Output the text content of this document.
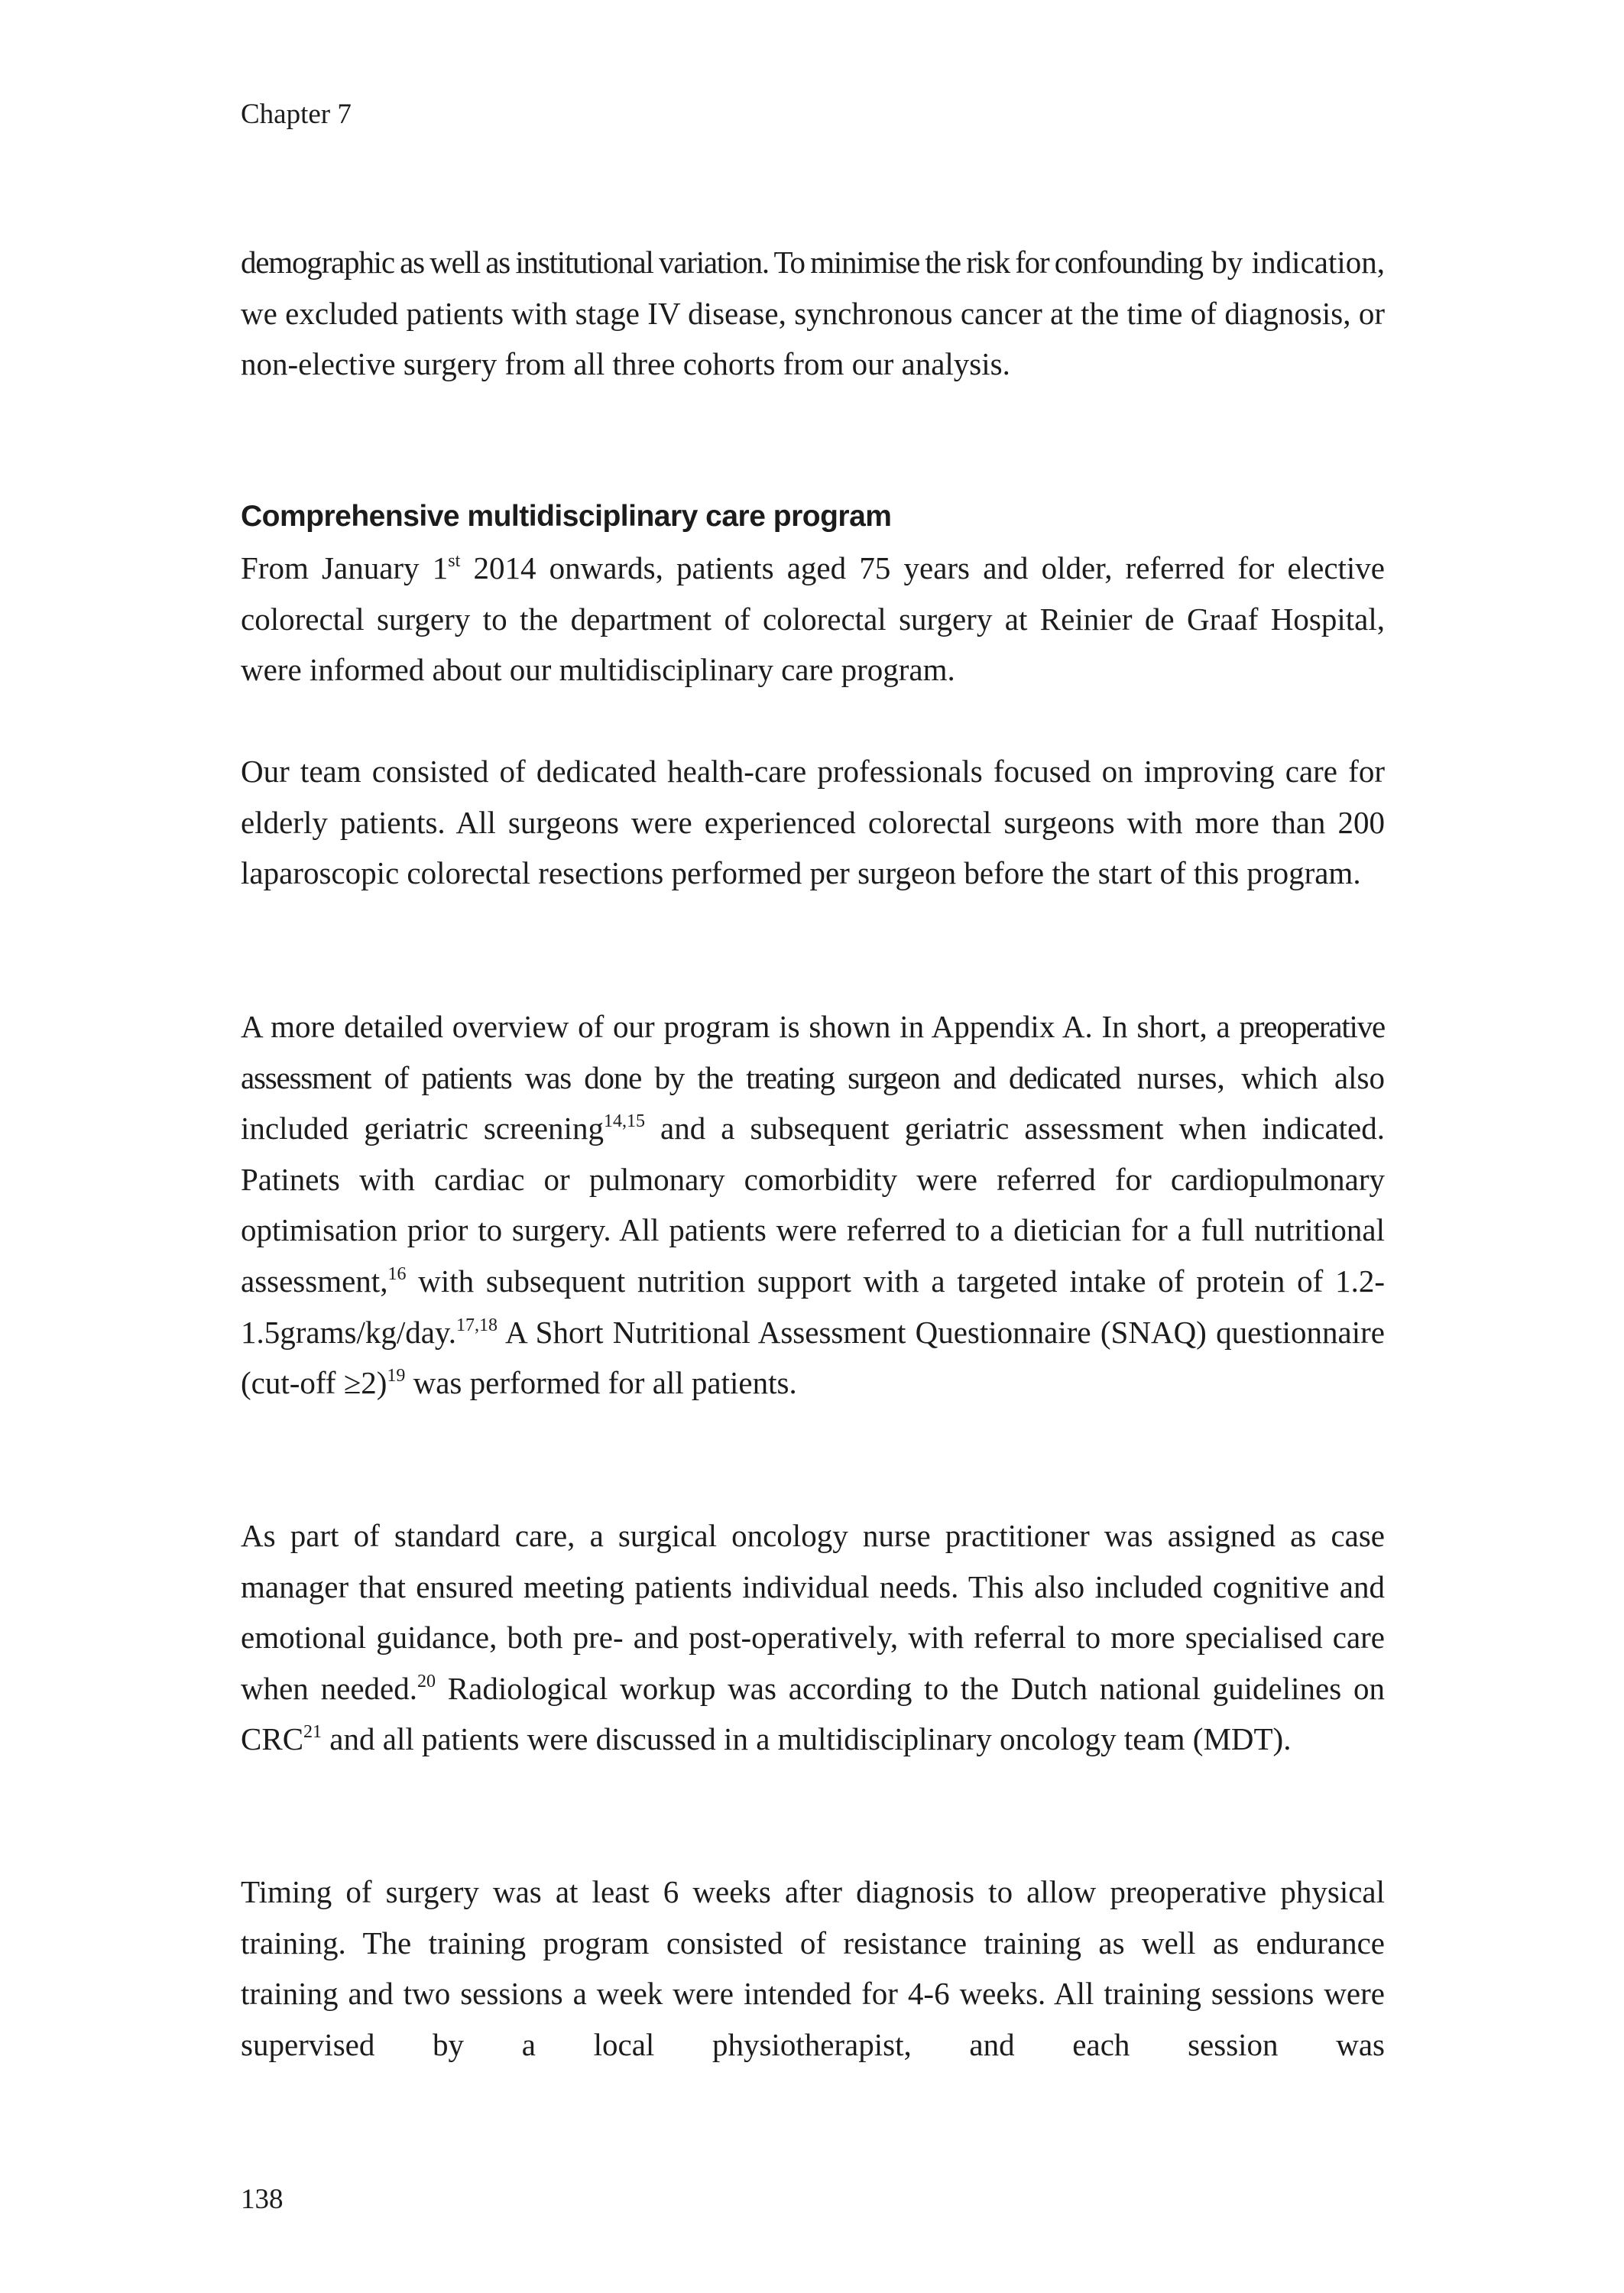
Chapter 7

demographic as well as institutional variation. To minimise the risk for confounding by indication, we excluded patients with stage IV disease, synchronous cancer at the time of diagnosis, or non-elective surgery from all three cohorts from our analysis.

Comprehensive multidisciplinary care program

From January 1st 2014 onwards, patients aged 75 years and older, referred for elective colorectal surgery to the department of colorectal surgery at Reinier de Graaf Hospital, were informed about our multidisciplinary care program.

Our team consisted of dedicated health-care professionals focused on improving care for elderly patients. All surgeons were experienced colorectal surgeons with more than 200 laparoscopic colorectal resections performed per surgeon before the start of this program.

A more detailed overview of our program is shown in Appendix A. In short, a preoperative assessment of patients was done by the treating surgeon and dedicated nurses, which also included geriatric screening$^{14,15}$ and a subsequent geriatric assessment when indicated. Patinets with cardiac or pulmonary comorbidity were referred for cardiopulmonary optimisation prior to surgery. All patients were referred to a dietician for a full nutritional assessment,$^{16}$ with subsequent nutrition support with a targeted intake of protein of 1.2-1.5grams/kg/day.$^{17,18}$ A Short Nutritional Assessment Questionnaire (SNAQ) questionnaire (cut-off ≥2)$^{19}$ was performed for all patients.

As part of standard care, a surgical oncology nurse practitioner was assigned as case manager that ensured meeting patients individual needs. This also included cognitive and emotional guidance, both pre- and post-operatively, with referral to more specialised care when needed.$^{20}$ Radiological workup was according to the Dutch national guidelines on CRC$^{21}$ and all patients were discussed in a multidisciplinary oncology team (MDT).

Timing of surgery was at least 6 weeks after diagnosis to allow preoperative physical training. The training program consisted of resistance training as well as endurance training and two sessions a week were intended for 4-6 weeks. All training sessions were supervised by a local physiotherapist, and each session was

138
